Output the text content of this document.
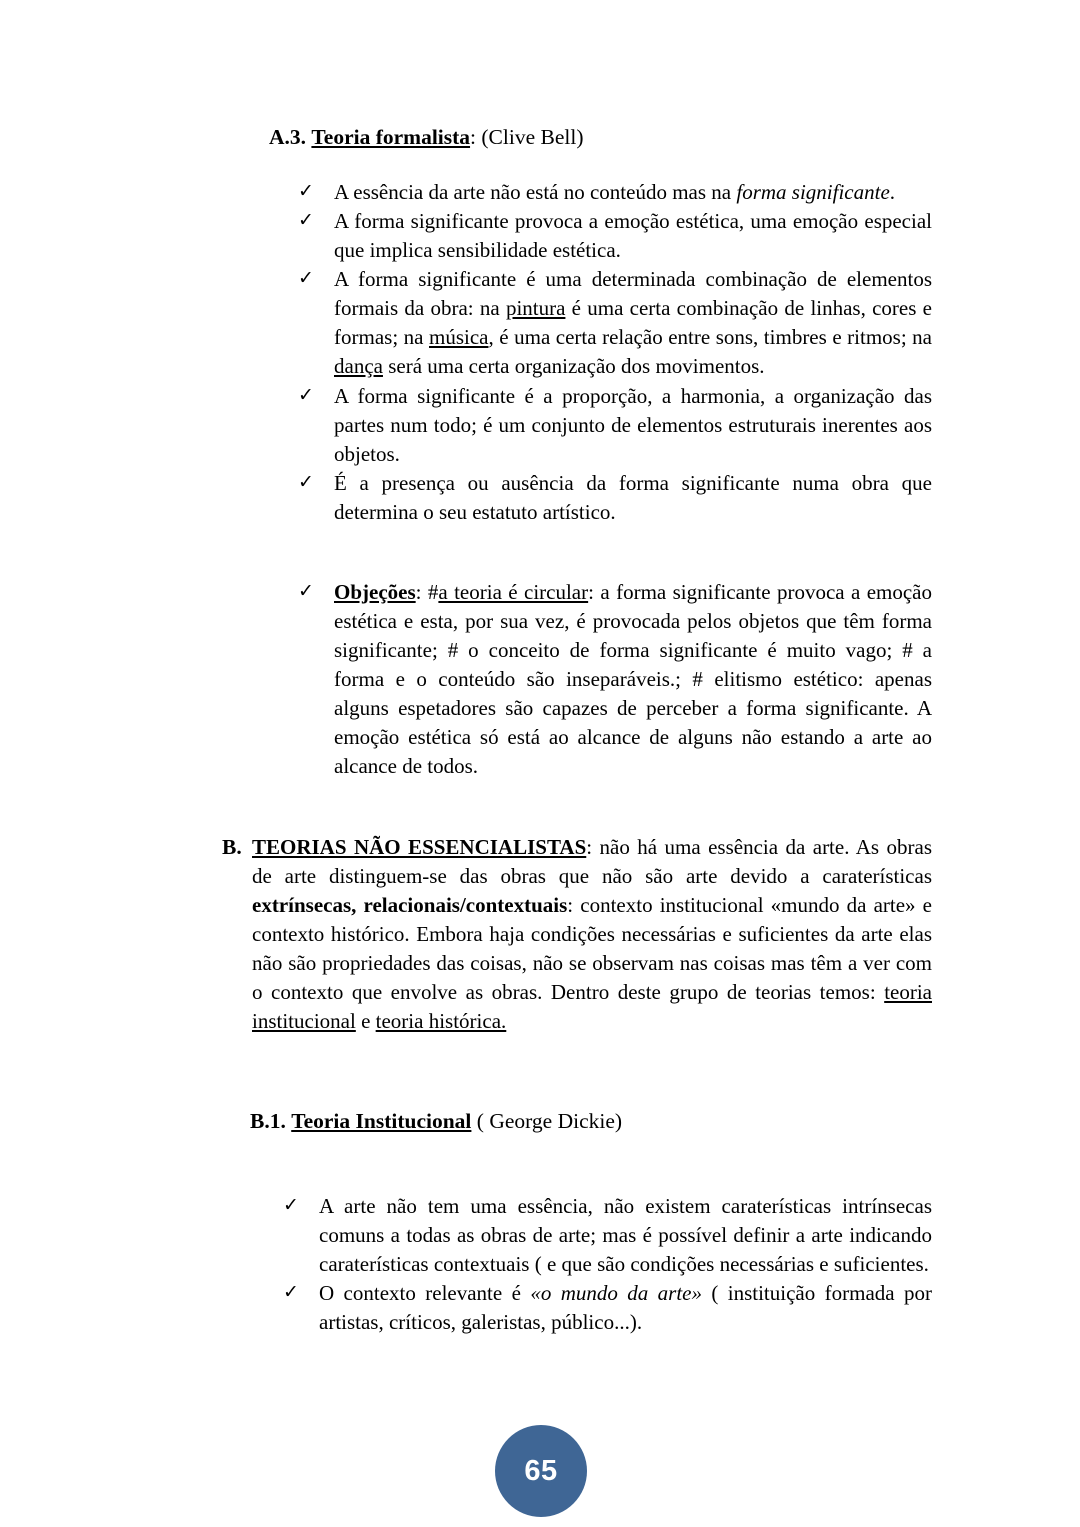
A.3. Teoria formalista: (Clive Bell)
✓ A essência da arte não está no conteúdo mas na forma significante.
✓ A forma significante provoca a emoção estética, uma emoção especial que implica sensibilidade estética.
✓ A forma significante é uma determinada combinação de elementos formais da obra: na pintura é uma certa combinação de linhas, cores e formas; na música, é uma certa relação entre sons, timbres e ritmos; na dança será uma certa organização dos movimentos.
✓ A forma significante é a proporção, a harmonia, a organização das partes num todo; é um conjunto de elementos estruturais inerentes aos objetos.
✓ É a presença ou ausência da forma significante numa obra que determina o seu estatuto artístico.
✓ Objeções: #a teoria é circular: a forma significante provoca a emoção estética e esta, por sua vez, é provocada pelos objetos que têm forma significante; # o conceito de forma significante é muito vago; # a forma e o conteúdo são inseparáveis.; # elitismo estético: apenas alguns espetadores são capazes de perceber a forma significante. A emoção estética só está ao alcance de alguns não estando a arte ao alcance de todos.
B. TEORIAS NÃO ESSENCIALISTAS: não há uma essência da arte. As obras de arte distinguem-se das obras que não são arte devido a caraterísticas extrínsecas, relacionais/contextuais: contexto institucional «mundo da arte» e contexto histórico. Embora haja condições necessárias e suficientes da arte elas não são propriedades das coisas, não se observam nas coisas mas têm a ver com o contexto que envolve as obras. Dentro deste grupo de teorias temos: teoria institucional e teoria histórica.
B.1. Teoria Institucional ( George Dickie)
✓ A arte não tem uma essência, não existem caraterísticas intrínsecas comuns a todas as obras de arte; mas é possível definir a arte indicando caraterísticas contextuais ( e que são condições necessárias e suficientes.
✓ O contexto relevante é «o mundo da arte» ( instituição formada por artistas, críticos, galeristas, público...).
65
